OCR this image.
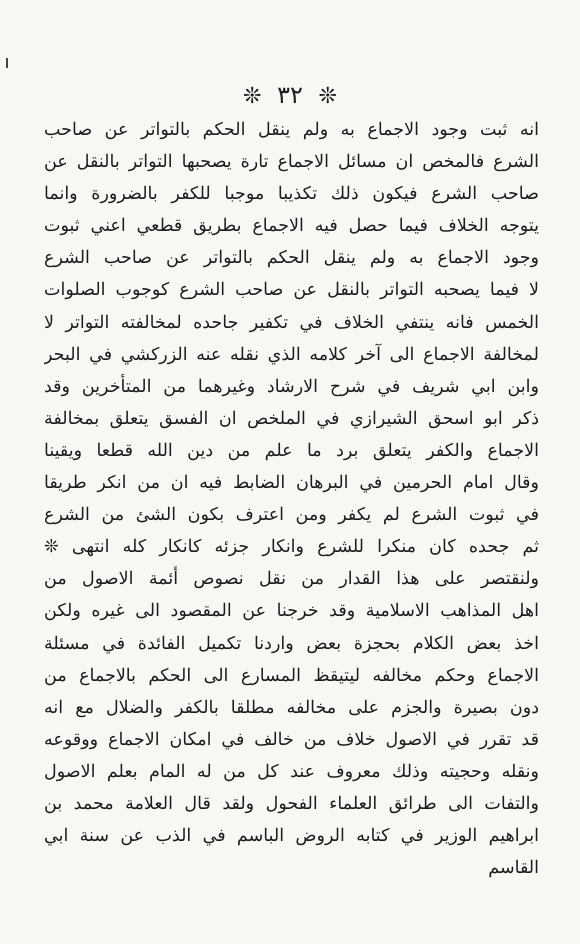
❊ ٣٢ ❊
انه ثبت وجود الاجماع به ولم ينقل الحكم بالتواتر عن صاحب
الشرع فالمخص ان مسائل الاجماع تارة يصحبها التواتر بالنقل عن
صاحب الشرع فيكون ذلك تكذيبا موجبا للكفر بالضرورة وانما
يتوجه الخلاف فيما حصل فيه الاجماع بطريق قطعي اعني ثبوت
وجود الاجماع به ولم ينقل الحكم بالتواتر عن صاحب الشرع
لا فيما يصحبه التواتر بالنقل عن صاحب الشرع كوجوب الصلوات
الخمس فانه ينتفي الخلاف في تكفير جاحده لمخالفته التواتر لا
لمخالفة الاجماع الى آخر كلامه الذي نقله عنه الزركشي في البحر
وابن ابي شريف في شرح الارشاد وغيرهما من المتأخرين وقد
ذكر ابو اسحق الشيرازي في الملخص ان الفسق يتعلق بمخالفة
الاجماع والكفر يتعلق برد ما علم من دين الله قطعا ويقينا
وقال امام الحرمين في البرهان الضابط فيه ان من انكر طريقا
في ثبوت الشرع لم يكفر ومن اعترف بكون الشئ من الشرع
ثم جحده كان منكرا للشرع وانكار جزئه كانكار كله انتهى ❊
ولنقتصر على هذا القدار من نقل نصوص أئمة الاصول من
اهل المذاهب الاسلامية وقد خرجنا عن المقصود الى غيره ولكن
اخذ بعض الكلام بحجزة بعض واردنا تكميل الفائدة في مسئلة
الاجماع وحكم مخالفه ليتيقظ المسارع الى الحكم بالاجماع من
دون بصيرة والجزم على مخالفه مطلقا بالكفر والضلال مع انه
قد تقرر في الاصول خلاف من خالف في امكان الاجماع ووقوعه
ونقله وحجيته وذلك معروف عند كل من له المام بعلم الاصول
والتفات الى طرائق العلماء الفحول ولقد قال العلامة محمد بن
ابراهيم الوزير في كتابه الروض الباسم في الذب عن سنة ابي
القاسم
